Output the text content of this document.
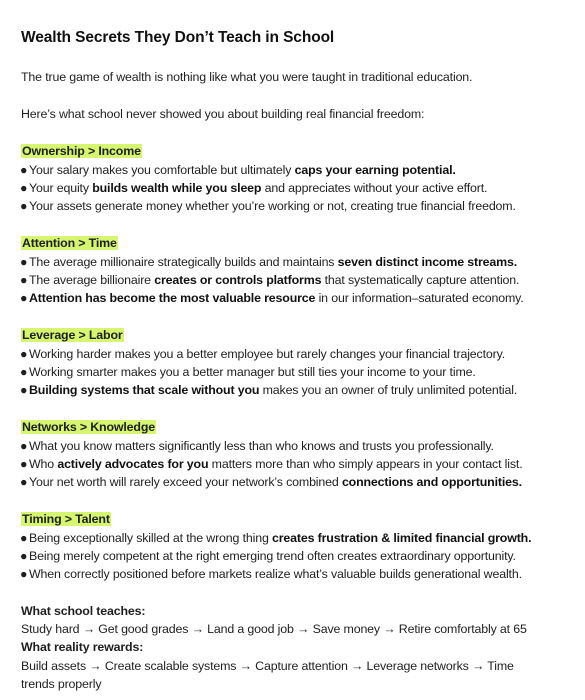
Wealth Secrets They Don’t Teach in School
The true game of wealth is nothing like what you were taught in traditional education.
Here’s what school never showed you about building real financial freedom:
Ownership > Income
● Your salary makes you comfortable but ultimately caps your earning potential.
● Your equity builds wealth while you sleep and appreciates without your active effort.
● Your assets generate money whether you’re working or not, creating true financial freedom.
Attention > Time
● The average millionaire strategically builds and maintains seven distinct income streams.
● The average billionaire creates or controls platforms that systematically capture attention.
● Attention has become the most valuable resource in our information–saturated economy.
Leverage > Labor
● Working harder makes you a better employee but rarely changes your financial trajectory.
● Working smarter makes you a better manager but still ties your income to your time.
● Building systems that scale without you makes you an owner of truly unlimited potential.
Networks > Knowledge
● What you know matters significantly less than who knows and trusts you professionally.
● Who actively advocates for you matters more than who simply appears in your contact list.
● Your net worth will rarely exceed your network’s combined connections and opportunities.
Timing > Talent
● Being exceptionally skilled at the wrong thing creates frustration & limited financial growth.
● Being merely competent at the right emerging trend often creates extraordinary opportunity.
● When correctly positioned before markets realize what’s valuable builds generational wealth.
What school teaches:
Study hard → Get good grades → Land a good job → Save money → Retire comfortably at 65
What reality rewards:
Build assets → Create scalable systems → Capture attention → Leverage networks → Time
trends properly
